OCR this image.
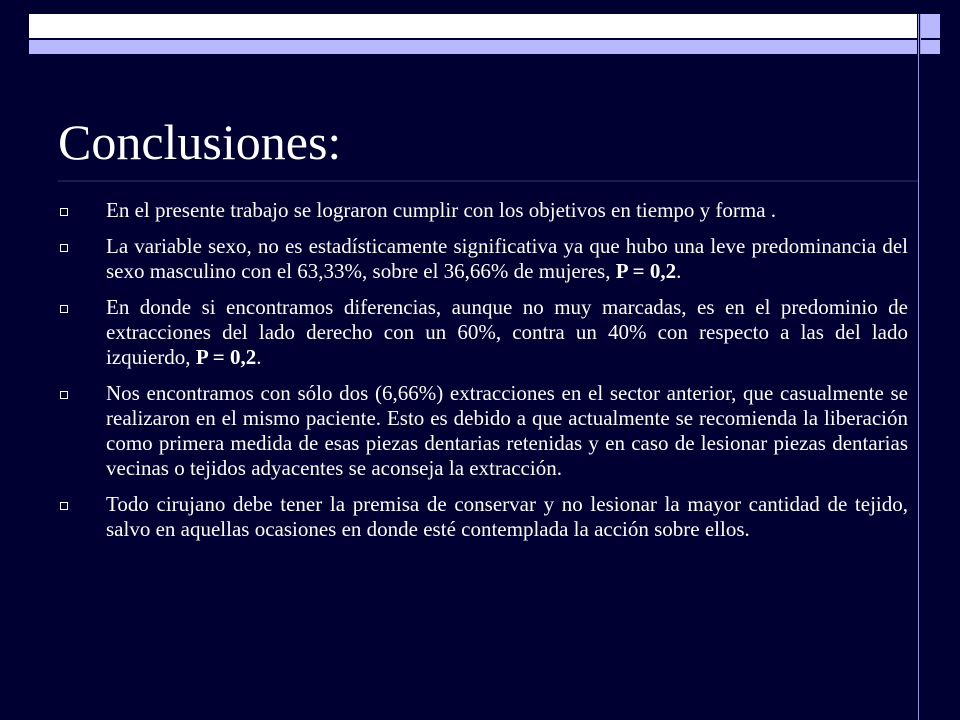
Conclusiones:
En el presente trabajo se lograron cumplir con los objetivos en tiempo y forma .
La variable sexo, no es estadísticamente significativa ya que hubo una leve predominancia del sexo masculino con el 63,33%, sobre el 36,66% de mujeres, P = 0,2.
En donde si encontramos diferencias, aunque no muy marcadas, es en el predominio de extracciones del lado derecho con un 60%, contra un 40% con respecto a las del lado izquierdo, P = 0,2.
Nos encontramos con sólo dos (6,66%) extracciones en el sector anterior, que casualmente se realizaron en el mismo paciente. Esto es debido a que actualmente se recomienda la liberación como primera medida de esas piezas dentarias retenidas y en caso de lesionar piezas dentarias vecinas o tejidos adyacentes se aconseja la extracción.
Todo cirujano debe tener la premisa de conservar y no lesionar la mayor cantidad de tejido, salvo en aquellas ocasiones en donde esté contemplada la acción sobre ellos.
